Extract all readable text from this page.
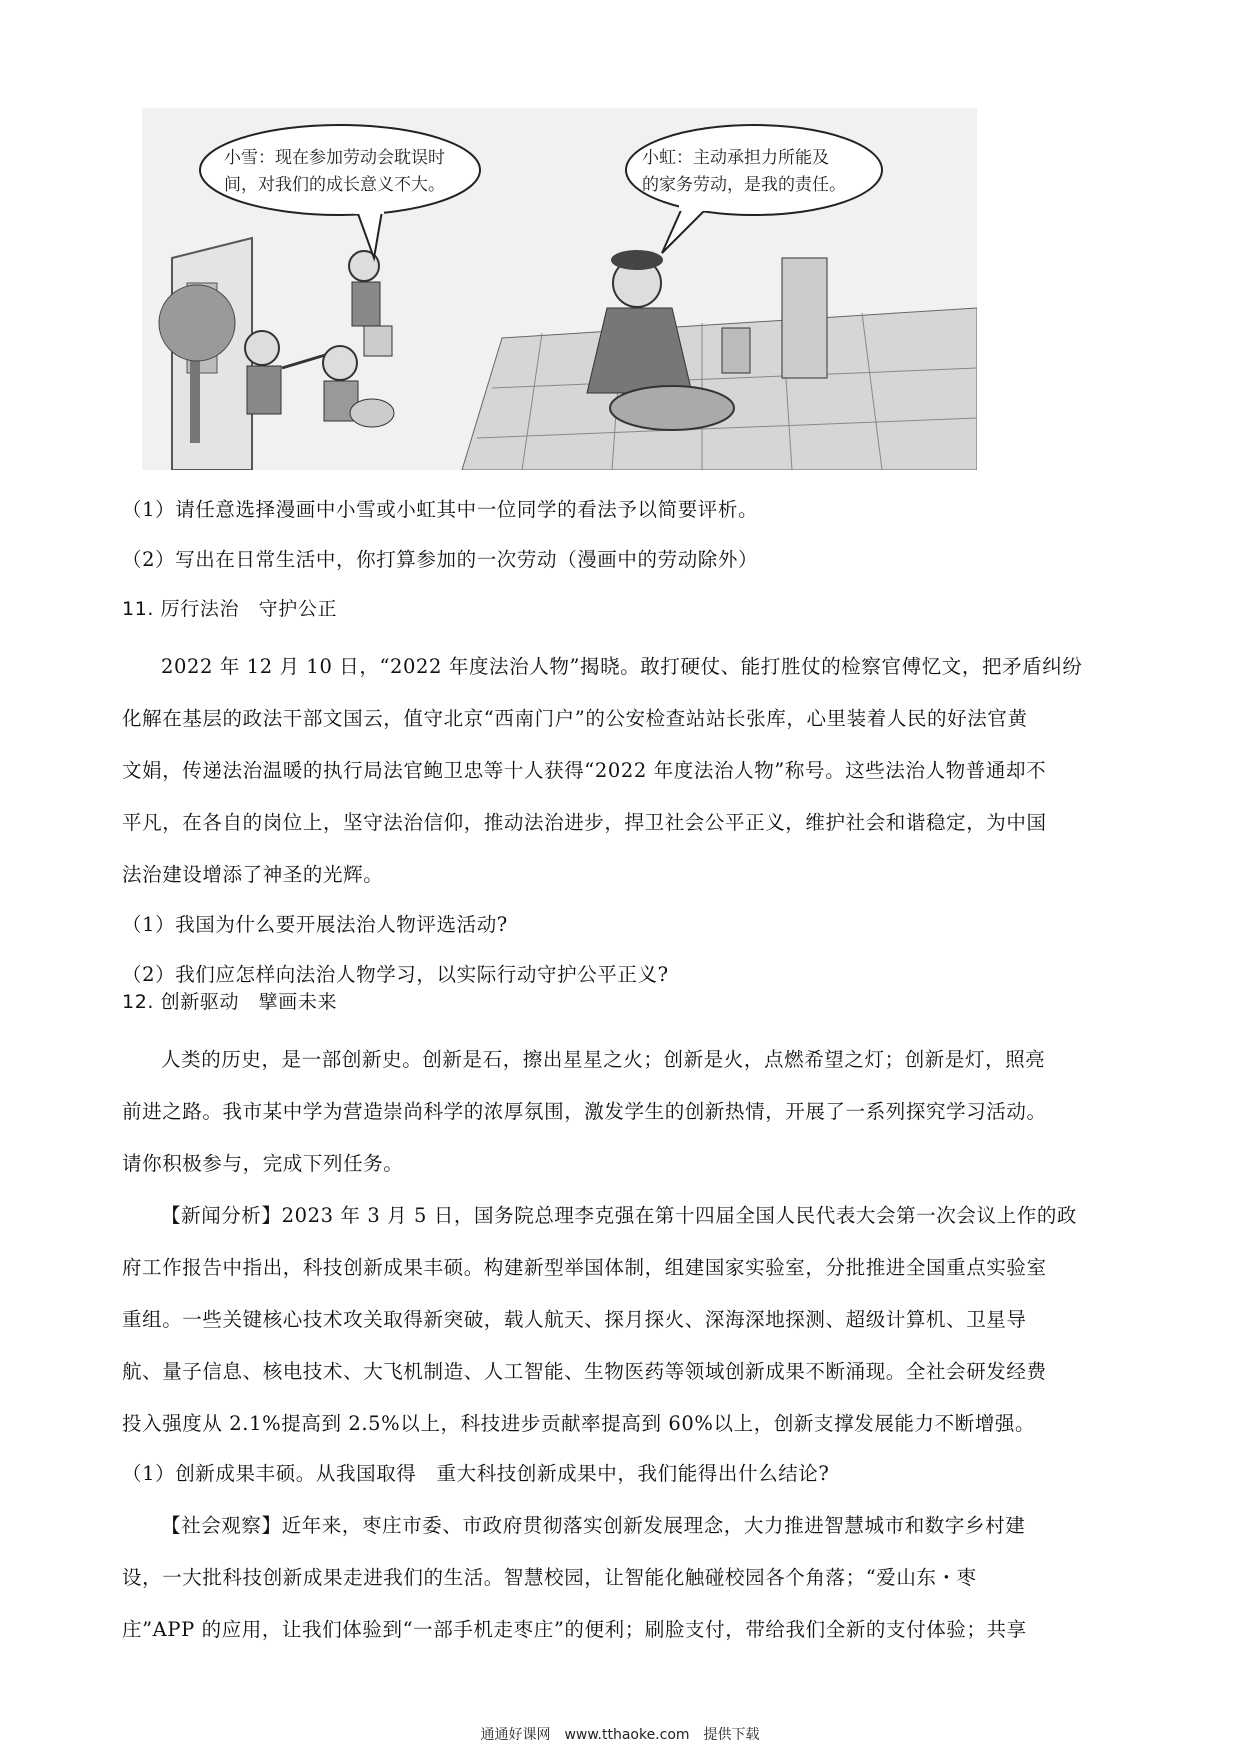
小雪：现在参加劳动会耽误时
间，对我们的成长意义不大。
小虹：主动承担力所能及
的家务劳动，是我的责任。
（1）请任意选择漫画中小雪或小虹其中一位同学的看法予以简要评析。
（2）写出在日常生活中，你打算参加的一次劳动（漫画中的劳动除外）
11. 厉行法治　守护公正
2022 年 12 月 10 日，“2022 年度法治人物”揭晓。敢打硬仗、能打胜仗的检察官傅忆文，把矛盾纠纷
化解在基层的政法干部文国云，值守北京“西南门户”的公安检查站站长张库，心里装着人民的好法官黄
文娟，传递法治温暖的执行局法官鲍卫忠等十人获得“2022 年度法治人物”称号。这些法治人物普通却不
平凡，在各自的岗位上，坚守法治信仰，推动法治进步，捍卫社会公平正义，维护社会和谐稳定，为中国
法治建设增添了神圣的光辉。
（1）我国为什么要开展法治人物评选活动?
（2）我们应怎样向法治人物学习，以实际行动守护公平正义?
12. 创新驱动　擘画未来
人类的历史，是一部创新史。创新是石，擦出星星之火；创新是火，点燃希望之灯；创新是灯，照亮
前进之路。我市某中学为营造崇尚科学的浓厚氛围，激发学生的创新热情，开展了一系列探究学习活动。
请你积极参与，完成下列任务。
【新闻分析】2023 年 3 月 5 日，国务院总理李克强在第十四届全国人民代表大会第一次会议上作的政
府工作报告中指出，科技创新成果丰硕。构建新型举国体制，组建国家实验室，分批推进全国重点实验室
重组。一些关键核心技术攻关取得新突破，载人航天、探月探火、深海深地探测、超级计算机、卫星导
航、量子信息、核电技术、大飞机制造、人工智能、生物医药等领域创新成果不断涌现。全社会研发经费
投入强度从 2.1%提高到 2.5%以上，科技进步贡献率提高到 60%以上，创新支撑发展能力不断增强。
（1）创新成果丰硕。从我国取得　重大科技创新成果中，我们能得出什么结论?
【社会观察】近年来，枣庄市委、市政府贯彻落实创新发展理念，大力推进智慧城市和数字乡村建
设，一大批科技创新成果走进我们的生活。智慧校园，让智能化触碰校园各个角落；“爱山东・枣
庄”APP 的应用，让我们体验到“一部手机走枣庄”的便利；刷脸支付，带给我们全新的支付体验；共享
通通好课网　www.tthaoke.com　提供下载
